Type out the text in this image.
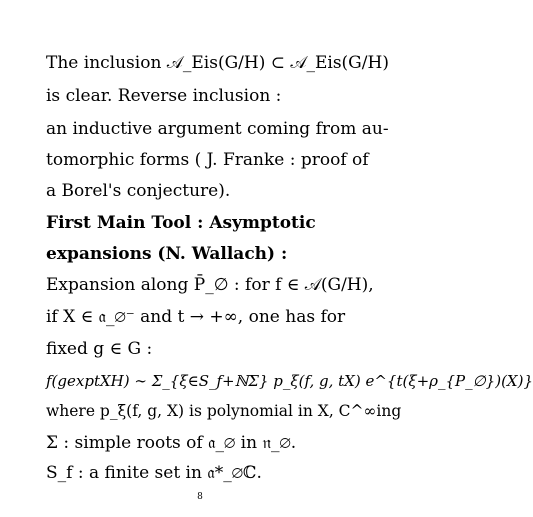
The inclusion 𝒜_Eis(G/H) ⊂ 𝒜_Eis(G/H)
is clear. Reverse inclusion :
an inductive argument coming from au-
tomorphic forms ( J. Franke : proof of
a Borel's conjecture).
First Main Tool : Asymptotic
expansions (N. Wallach) :
Expansion along P̄_∅ : for f ∈ 𝒜(G/H),
if X ∈ 𝔞_∅⁻ and t → +∞, one has for
fixed g ∈ G :
f(gexptXH) ∼ Σ_{ξ∈S_f+ℕΣ} p_ξ(f, g, tX) e^{t(ξ+ρ_{P_∅})(X)}
where p_ξ(f, g, X) is polynomial in X, C^∞ing
Σ : simple roots of 𝔞_∅ in 𝔫_∅.
S_f : a finite set in 𝔞*_∅ℂ.
8
